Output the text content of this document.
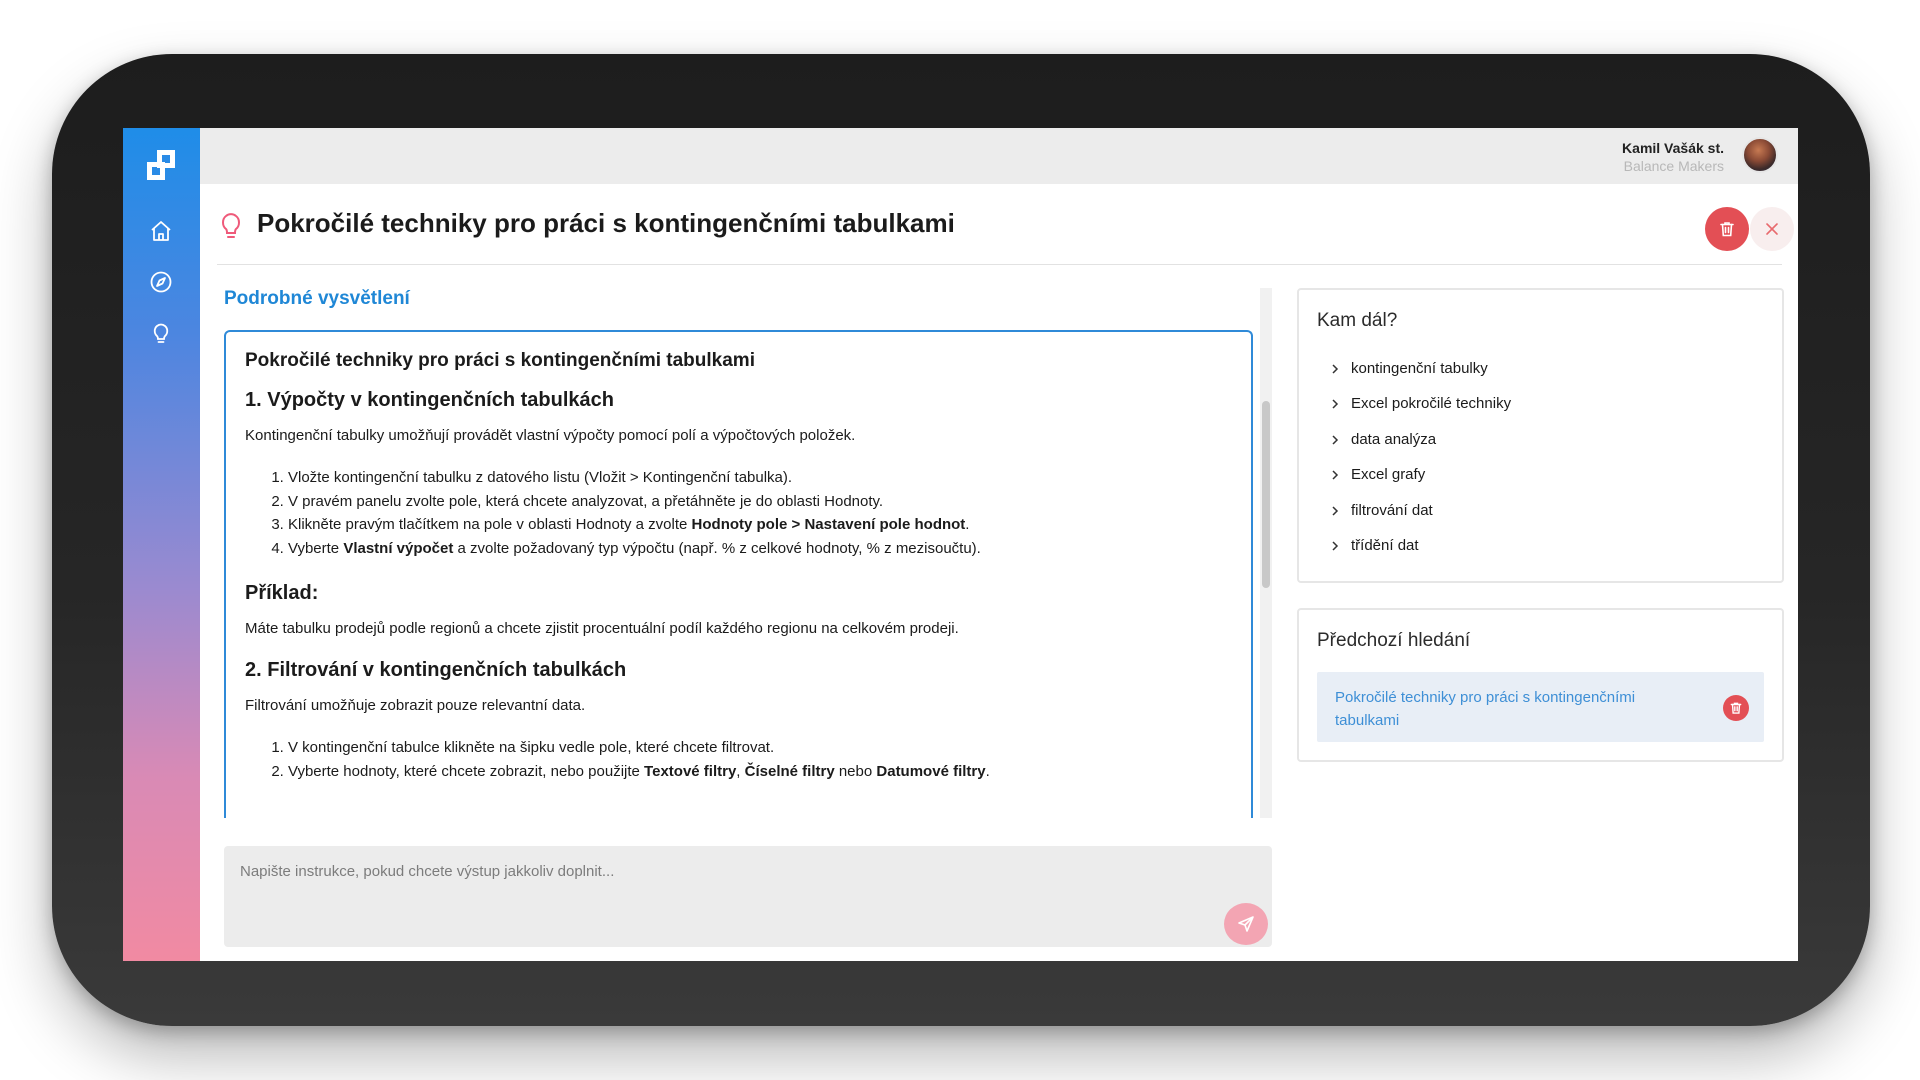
Kamil Vašák st.
Balance Makers
Pokročilé techniky pro práci s kontingenčními tabulkami
Podrobné vysvětlení
Pokročilé techniky pro práci s kontingenčními tabulkami
1. Výpočty v kontingenčních tabulkách

Kontingenční tabulky umožňují provádět vlastní výpočty pomocí polí a výpočtových položek.

1. Vložte kontingenční tabulku z datového listu (Vložit > Kontingenční tabulka).
2. V pravém panelu zvolte pole, která chcete analyzovat, a přetáhněte je do oblasti Hodnoty.
3. Klikněte pravým tlačítkem na pole v oblasti Hodnoty a zvolte Hodnoty pole > Nastavení pole hodnot.
4. Vyberte Vlastní výpočet a zvolte požadovaný typ výpočtu (např. % z celkové hodnoty, % z mezisoučtu).
Příklad:

Máte tabulku prodejů podle regionů a chcete zjistit procentuální podíl každého regionu na celkovém prodeji.

2. Filtrování v kontingenčních tabulkách

Filtrování umožňuje zobrazit pouze relevantní data.

1. V kontingenční tabulce klikněte na šipku vedle pole, které chcete filtrovat.
2. Vyberte hodnoty, které chcete zobrazit, nebo použijte Textové filtry, Číselné filtry nebo Datumové filtry.
Napište instrukce, pokud chcete výstup jakkoliv doplnit...
Kam dál?
kontingenční tabulky
Excel pokročilé techniky
data analýza
Excel grafy
filtrování dat
třídění dat
Předchozí hledání
Pokročilé techniky pro práci s kontingenčními tabulkami
